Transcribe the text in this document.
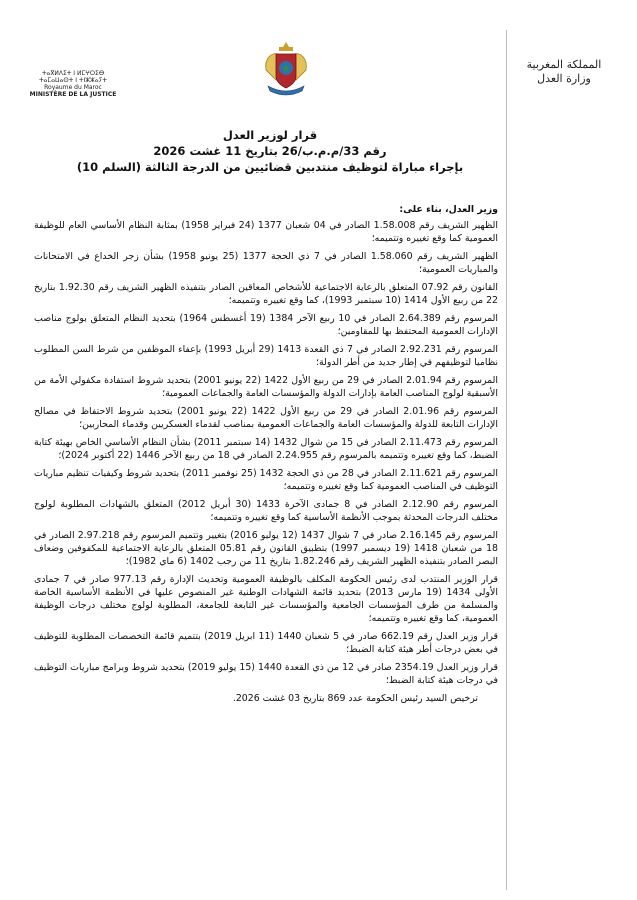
ⵜⴰⴳⵍⴷⵉⵜ ⵏ ⵍⵎⵖⵔⵉⴱ
ⵜⴰⵎⴰⵡⴰⵙⵜ ⵏ ⵜⵏⵣⵣⴰⵢⵜ
Royaume du Maroc
MINISTÈRE DE LA JUSTICE
المملكة المغربية
وزارة العدل
قرار لوزير العدل
رقم 33/م.م.ب/26 بتاريخ 11 غشت 2026
بإجراء مباراة لتوظيف منتدبين قضائيين من الدرجة الثالثة (السلم 10)

وزير العدل، بناء على:

الظهير الشريف رقم 1.58.008 الصادر في 04 شعبان 1377 (24 فبراير 1958) بمثابة النظام الأساسي العام للوظيفة العمومية كما وقع تغييره وتتميمه؛

الظهير الشريف رقم 1.58.060 الصادر في 7 ذي الحجة 1377 (25 يونيو 1958) بشأن زجر الخداع في الامتحانات والمباريات العمومية؛

القانون رقم 07.92 المتعلق بالرعاية الاجتماعية للأشخاص المعاقين الصادر بتنفيذه الظهير الشريف رقم 1.92.30 بتاريخ 22 من ربيع الأول 1414 (10 سبتمبر 1993)، كما وقع تغييره وتتميمه؛

المرسوم رقم 2.64.389 الصادر في 10 ربيع الآخر 1384 (19 أغسطس 1964) بتحديد النظام المتعلق بولوج مناصب الإدارات العمومية المحتفظ بها للمقاومين؛

المرسوم رقم 2.92.231 الصادر في 7 ذي القعدة 1413 (29 أبريل 1993) بإعفاء الموظفين من شرط السن المطلوب نظاميا لتوظيفهم في إطار جديد من أطر الدولة؛

المرسوم رقم 2.01.94 الصادر في 29 من ربيع الأول 1422 (22 يونيو 2001) بتحديد شروط استفادة مكفولي الأمة من الأسبقية لولوج المناصب العامة بإدارات الدولة والمؤسسات العامة والجماعات العمومية؛

المرسوم رقم 2.01.96 الصادر في 29 من ربيع الأول 1422 (22 يونيو 2001) بتحديد شروط الاحتفاظ في مصالح الإدارات التابعة للدولة والمؤسسات العامة والجماعات العمومية بمناصب لقدماء العسكريين وقدماء المحاربين؛

المرسوم رقم 2.11.473 الصادر في 15 من شوال 1432 (14 سبتمبر 2011) بشأن النظام الأساسي الخاص بهيئة كتابة الضبط، كما وقع تغييره وتتميمه بالمرسوم رقم 2.24.955 الصادر في 18 من ربيع الآخر 1446 (22 أكتوبر 2024)؛

المرسوم رقم 2.11.621 الصادر في 28 من ذي الحجة 1432 (25 نوفمبر 2011) بتحديد شروط وكيفيات تنظيم مباريات التوظيف في المناصب العمومية كما وقع تغييره وتتميمه؛

المرسوم رقم 2.12.90 الصادر في 8 جمادى الآخرة 1433 (30 أبريل 2012) المتعلق بالشهادات المطلوبة لولوج مختلف الدرجات المحدثة بموجب الأنظمة الأساسية كما وقع تغييره وتتميمه؛

المرسوم رقم 2.16.145 صادر في 7 شوال 1437 (12 يوليو 2016) بتغيير وتتميم المرسوم رقم 2.97.218 الصادر في 18 من شعبان 1418 (19 ديسمبر 1997) بتطبيق القانون رقم 05.81 المتعلق بالرعاية الاجتماعية للمكفوفين وضعاف البصر الصادر بتنفيذه الظهير الشريف رقم 1.82.246 بتاريخ 11 من رجب 1402 (6 ماي 1982)؛

قرار الوزير المنتدب لدى رئيس الحكومة المكلف بالوظيفة العمومية وتحديث الإدارة رقم 977.13 صادر في 7 جمادى الأولى 1434 (19 مارس 2013) بتحديد قائمة الشهادات الوطنية غير المنصوص عليها في الأنظمة الأساسية الخاصة والمسلمة من طرف المؤسسات الجامعية والمؤسسات غير التابعة للجامعة، المطلوبة لولوج مختلف درجات الوظيفة العمومية، كما وقع تغييره وتتميمه؛

قرار وزير العدل رقم 662.19 صادر في 5 شعبان 1440 (11 ابريل 2019) بتتميم قائمة التخصصات المطلوبة للتوظيف في بعض درجات أطر هيئة كتابة الضبط؛

قرار وزير العدل 2354.19 صادر في 12 من ذي القعدة 1440 (15 يوليو 2019) بتحديد شروط وبرامج مباريات التوظيف في درجات هيئة كتابة الضبط؛

ترخيص السيد رئيس الحكومة عدد 869 بتاريخ 03 غشت 2026.
